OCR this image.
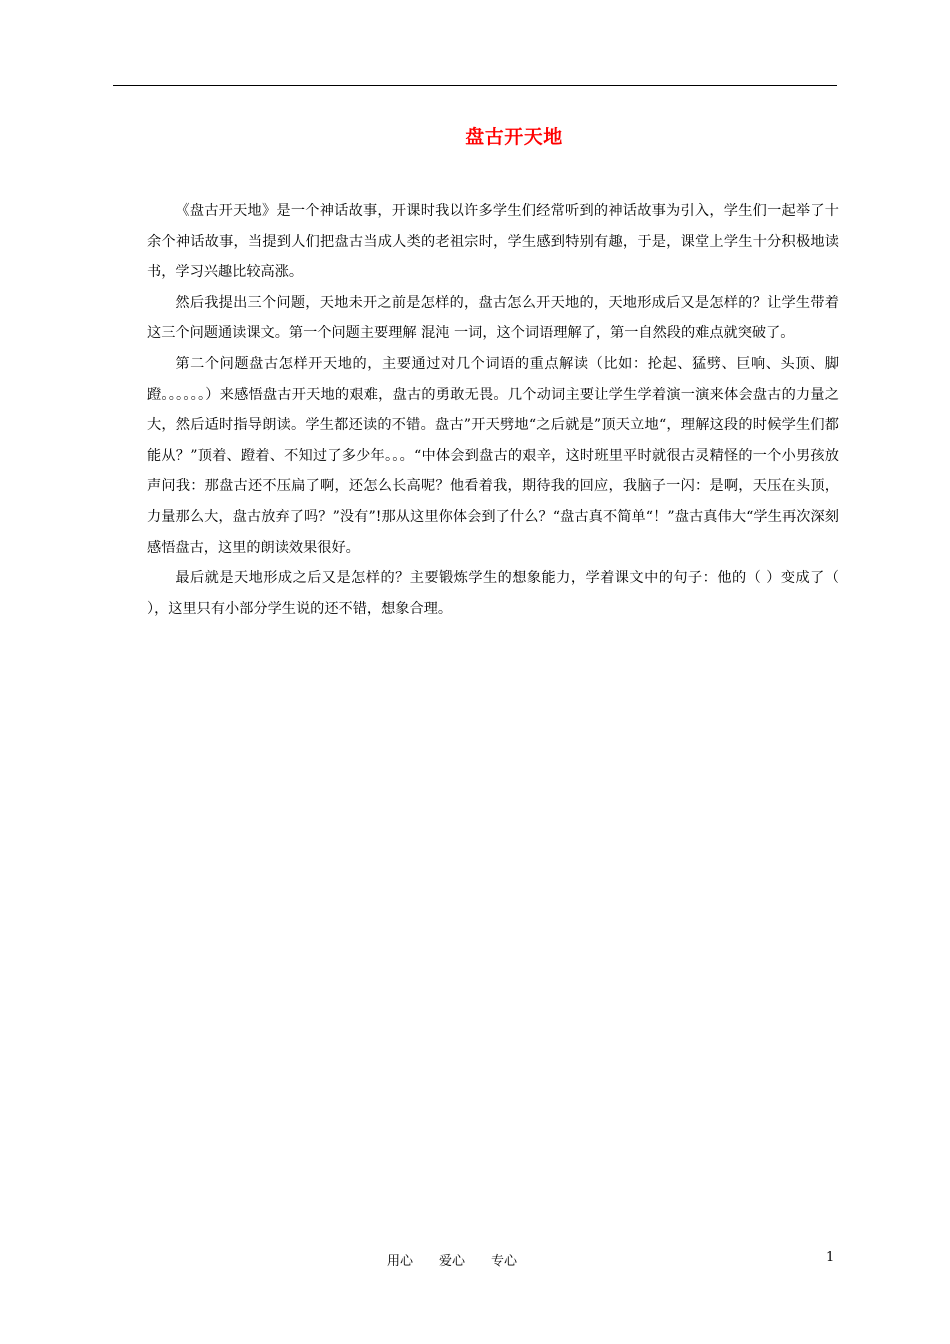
盘古开天地

《盘古开天地》是一个神话故事，开课时我以许多学生们经常听到的神话故事为引入，学生们一起举了十余个神话故事，当提到人们把盘古当成人类的老祖宗时，学生感到特别有趣，于是，课堂上学生十分积极地读书，学习兴趣比较高涨。

然后我提出三个问题，天地未开之前是怎样的，盘古怎么开天地的，天地形成后又是怎样的？让学生带着这三个问题通读课文。第一个问题主要理解 混沌 一词，这个词语理解了，第一自然段的难点就突破了。

第二个问题盘古怎样开天地的，主要通过对几个词语的重点解读（比如：抡起、猛劈、巨响、头顶、脚蹬。。。。。。）来感悟盘古开天地的艰难，盘古的勇敢无畏。几个动词主要让学生学着演一演来体会盘古的力量之大，然后适时指导朗读。学生都还读的不错。盘古”开天劈地“之后就是”顶天立地“，理解这段的时候学生们都能从？”顶着、蹬着、不知过了多少年。。。“中体会到盘古的艰辛，这时班里平时就很古灵精怪的一个小男孩放声问我：那盘古还不压扁了啊，还怎么长高呢？他看着我，期待我的回应，我脑子一闪：是啊，天压在头顶，力量那么大，盘古放弃了吗？”没有”!那从这里你体会到了什么？“盘古真不简单“！”盘古真伟大“学生再次深刻感悟盘古，这里的朗读效果很好。

最后就是天地形成之后又是怎样的？主要锻炼学生的想象能力，学着课文中的句子：他的（ ）变成了（ ），这里只有小部分学生说的还不错，想象合理。

用心　　爱心　　专心	1
